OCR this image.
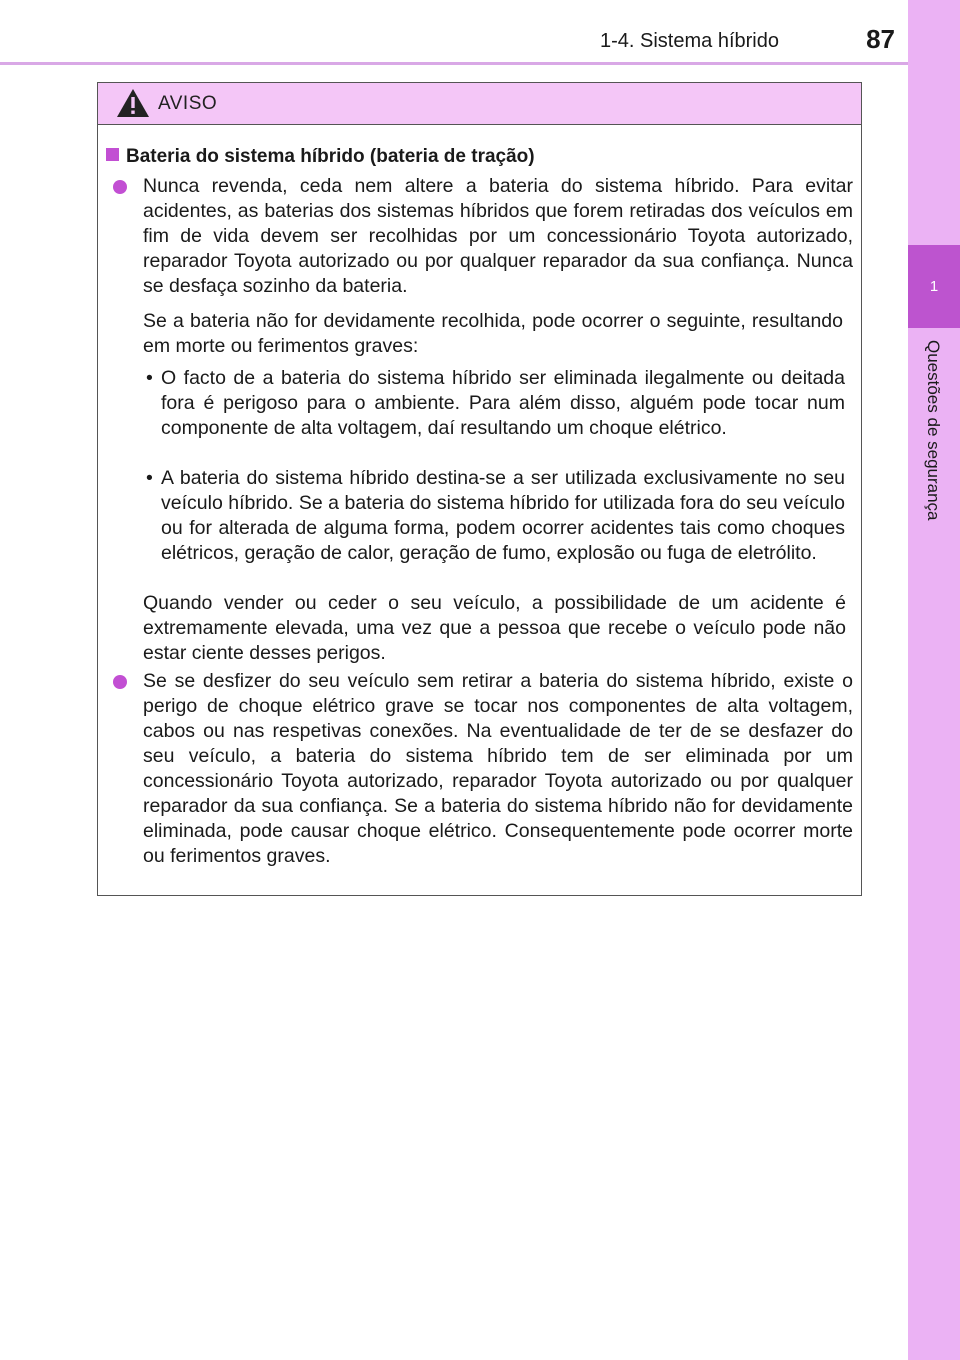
1-4. Sistema híbrido	87
1
Questões de segurança
AVISO
Bateria do sistema híbrido (bateria de tração)
Nunca revenda, ceda nem altere a bateria do sistema híbrido. Para evitar acidentes, as baterias dos sistemas híbridos que forem retiradas dos veículos em fim de vida devem ser recolhidas por um concessionário Toyota autorizado, reparador Toyota autorizado ou por qualquer reparador da sua confiança. Nunca se desfaça sozinho da bateria.
Se a bateria não for devidamente recolhida, pode ocorrer o seguinte, resultando em morte ou ferimentos graves:
• O facto de a bateria do sistema híbrido ser eliminada ilegalmente ou deitada fora é perigoso para o ambiente. Para além disso, alguém pode tocar num componente de alta voltagem, daí resultando um choque elétrico.
• A bateria do sistema híbrido destina-se a ser utilizada exclusivamente no seu veículo híbrido. Se a bateria do sistema híbrido for utilizada fora do seu veículo ou for alterada de alguma forma, podem ocorrer acidentes tais como choques elétricos, geração de calor, geração de fumo, explosão ou fuga de eletrólito.
Quando vender ou ceder o seu veículo, a possibilidade de um acidente é extremamente elevada, uma vez que a pessoa que recebe o veículo pode não estar ciente desses perigos.
Se se desfizer do seu veículo sem retirar a bateria do sistema híbrido, existe o perigo de choque elétrico grave se tocar nos componentes de alta voltagem, cabos ou nas respetivas conexões. Na eventualidade de ter de se desfazer do seu veículo, a bateria do sistema híbrido tem de ser eliminada por um concessionário Toyota autorizado, reparador Toyota autorizado ou por qualquer reparador da sua confiança. Se a bateria do sistema híbrido não for devidamente eliminada, pode causar choque elétrico. Consequentemente pode ocorrer morte ou ferimentos graves.
